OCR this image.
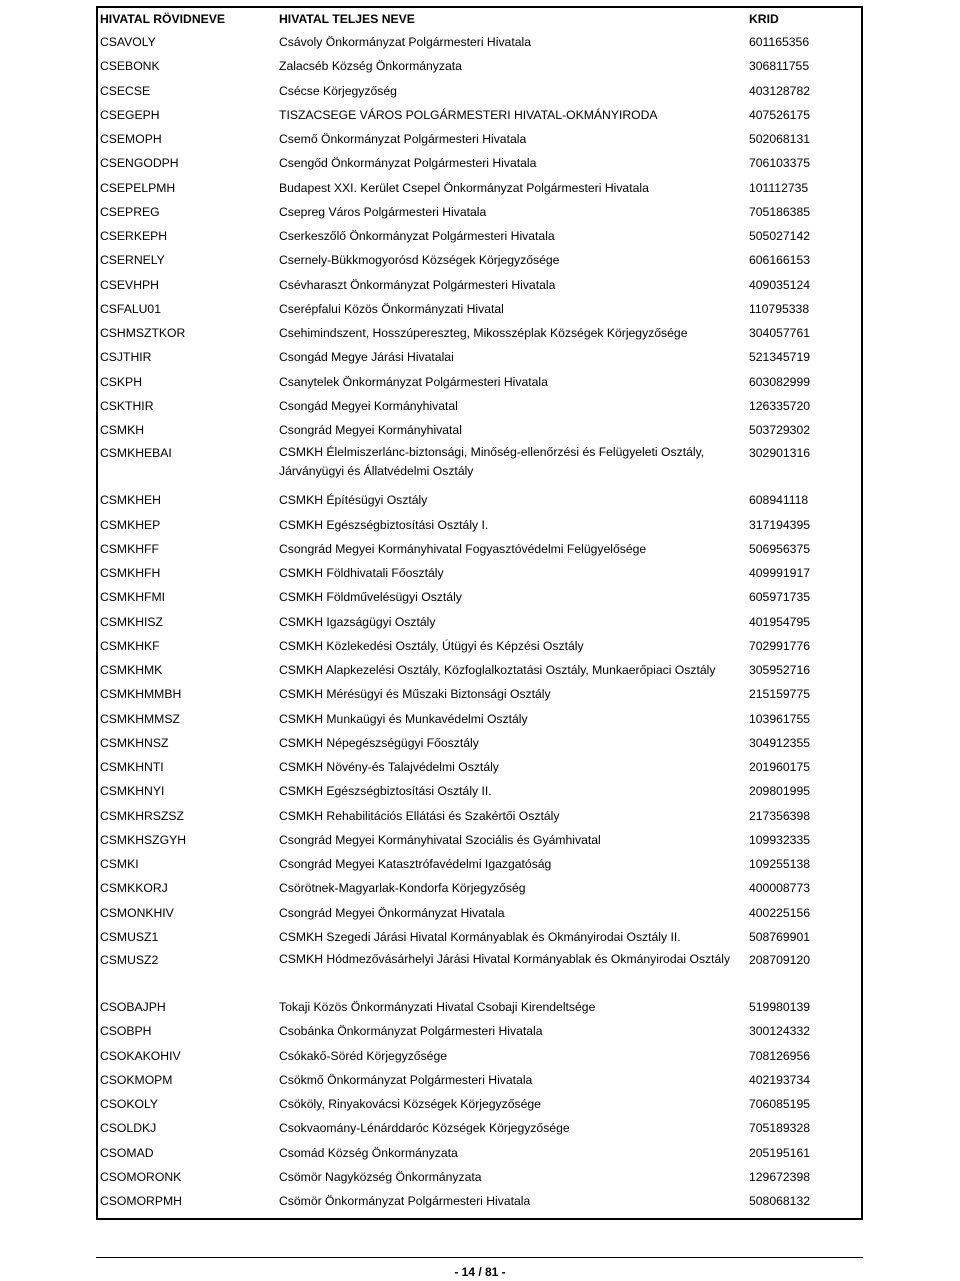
HIVATAL RÖVIDNEVE	HIVATAL TELJES NEVE	KRID
CSAVOLY	Csávoly Önkormányzat Polgármesteri Hivatala	601165356
CSEBONK	Zalacséb Község Önkormányzata	306811755
CSECSE	Csécse Körjegyzőség	403128782
CSEGEPH	TISZACSEGE VÁROS POLGÁRMESTERI HIVATAL-OKMÁNYIRODA	407526175
CSEMOPH	Csemő Önkormányzat Polgármesteri Hivatala	502068131
CSENGODPH	Csengőd Önkormányzat Polgármesteri Hivatala	706103375
CSEPELPMH	Budapest XXI. Kerület Csepel Önkormányzat Polgármesteri Hivatala	101112735
CSEPREG	Csepreg Város Polgármesteri Hivatala	705186385
CSERKEPH	Cserkeszőlő Önkormányzat Polgármesteri Hivatala	505027142
CSERNELY	Csernely-Bükkmogyorósd Községek Körjegyzősége	606166153
CSEVHPH	Csévharaszt Önkormányzat Polgármesteri Hivatala	409035124
CSFALU01	Cserépfalui Közös Önkormányzati Hivatal	110795338
CSHMSZTKOR	Csehimindszent, Hosszúpereszteg, Mikosszéplak Községek Körjegyzősége	304057761
CSJTHIR	Csongád Megye Járási Hivatalai	521345719
CSKPH	Csanytelek Önkormányzat Polgármesteri Hivatala	603082999
CSKTHIR	Csongád Megyei Kormányhivatal	126335720
CSMKH	Csongrád Megyei Kormányhivatal	503729302
CSMKHEBAI	CSMKH Élelmiszerlánc-biztonsági, Minőség-ellenőrzési és Felügyeleti Osztály, Járványügyi és Állatvédelmi Osztály	302901316
CSMKHEH	CSMKH Építésügyi Osztály	608941118
CSMKHEP	CSMKH Egészségbiztosítási Osztály I.	317194395
CSMKHFF	Csongrád Megyei Kormányhivatal Fogyasztóvédelmi Felügyelősége	506956375
CSMKHFH	CSMKH Földhivatali Főosztály	409991917
CSMKHFMI	CSMKH Földművelésügyi Osztály	605971735
CSMKHISZ	CSMKH Igazságügyi Osztály	401954795
CSMKHKF	CSMKH Közlekedési Osztály, Útügyi és Képzési Osztály	702991776
CSMKHMK	CSMKH Alapkezelési Osztály, Közfoglalkoztatási Osztály, Munkaerőpiaci Osztály	305952716
CSMKHMMBH	CSMKH Mérésügyi és Műszaki Biztonsági Osztály	215159775
CSMKHMMSZ	CSMKH Munkaügyi és Munkavédelmi Osztály	103961755
CSMKHNSZ	CSMKH Népegészségügyi Főosztály	304912355
CSMKHNTI	CSMKH Növény-és Talajvédelmi Osztály	201960175
CSMKHNYI	CSMKH Egészségbiztosítási Osztály II.	209801995
CSMKHRSZSZ	CSMKH Rehabilitációs Ellátási és Szakértői Osztály	217356398
CSMKHSZGYH	Csongrád Megyei Kormányhivatal Szociális és Gyámhivatal	109932335
CSMKI	Csongrád Megyei Katasztrófavédelmi Igazgatóság	109255138
CSMKKORJ	Csörötnek-Magyarlak-Kondorfa Körjegyzőség	400008773
CSMONKHIV	Csongrád Megyei Önkormányzat Hivatala	400225156
CSMUSZ1	CSMKH Szegedi Járási Hivatal Kormányablak és Okmányirodai Osztály II.	508769901
CSMUSZ2	CSMKH Hódmezővásárhelyi Járási Hivatal Kormányablak és Okmányirodai Osztály	208709120
CSOBAJPH	Tokaji Közös Önkormányzati Hivatal Csobaji Kirendeltsége	519980139
CSOBPH	Csobánka Önkormányzat Polgármesteri Hivatala	300124332
CSOKAKOHIV	Csókakő-Söréd Körjegyzősége	708126956
CSOKMOPM	Csökmő Önkormányzat Polgármesteri Hivatala	402193734
CSOKOLY	Csököly, Rinyakovácsi Községek Körjegyzősége	706085195
CSOLDKJ	Csokvaomány-Lénárddaróc Községek Körjegyzősége	705189328
CSOMAD	Csomád Község Önkormányzata	205195161
CSOMORONK	Csömör Nagyközség Önkormányzata	129672398
CSOMORPMH	Csömör Önkormányzat Polgármesteri Hivatala	508068132
- 14 / 81 -
